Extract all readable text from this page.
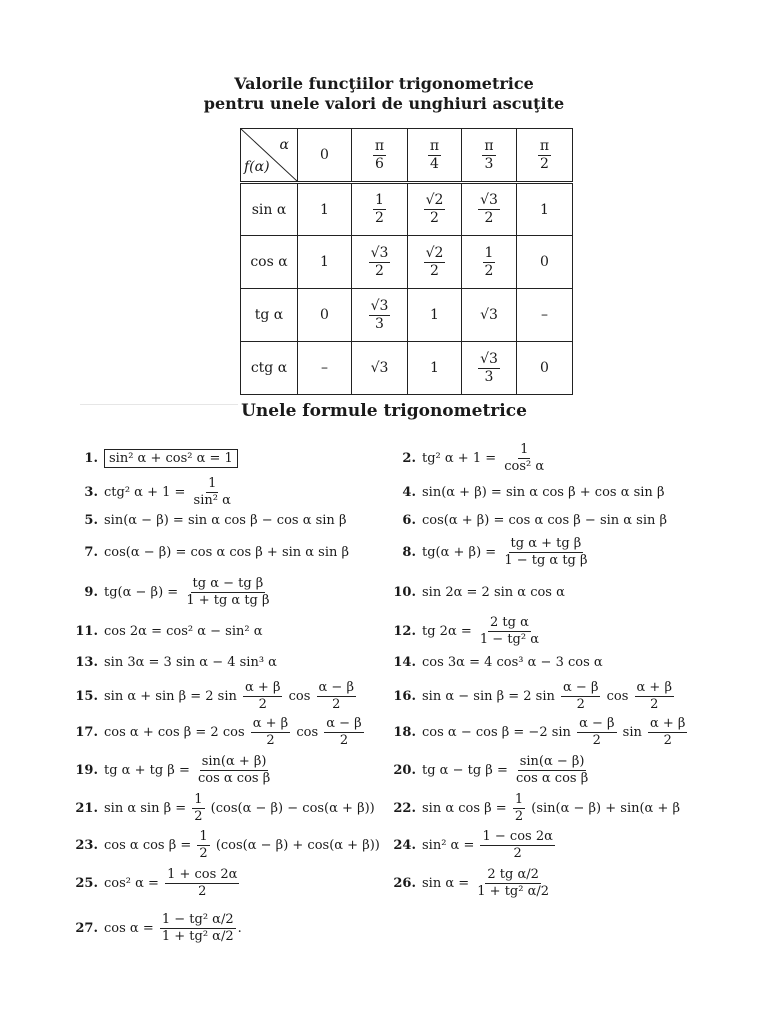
Valorile funcţiilor trigonometrice
pentru unele valori de unghiuri ascuţite
α
f(α)	0	$\frac{\pi}{6}$	$\frac{\pi}{4}$	$\frac{\pi}{3}$	$\frac{\pi}{2}$

sin α	1	$\frac{1}{2}$	$\frac{√2}{2}$	$\frac{√3}{2}$	1
cos α	1	$\frac{√3}{2}$	$\frac{√2}{2}$	$\frac{1}{2}$	0
tg α	0	$\frac{√3}{3}$	1	√3	–
ctg α	–	√3	1	$\frac{√3}{3}$	0
Unele formule trigonometrice
1. sin² α + cos² α = 1	2. tg² $\alpha + 1 = \frac{1}{\text{cos² α}}$
3. ctg² $\alpha + 1 = \frac{1}{\text{sin² α}}$	4. sin(α + β) = sin α cos β + cos α sin β
5. sin(α − β) = sin α cos β − cos α sin β	6. cos(α + β) = cos α cos β − sin α sin β
7. cos(α − β) = cos α cos β + sin α sin β	8. $tg(\alpha + \beta) = \frac{\text{tg α + tg β}}{\text{1 − tg α tg β}}$
9. $tg(\alpha - \beta) = \frac{\text{tg α − tg β}}{\text{1 + tg α tg β}}$	10. sin 2α = 2 sin α cos α
11. cos 2α = cos² α − sin² α	12. tg $2\alpha = \frac{\text{2 tg α}}{\text{1 − tg² α}}$
13. sin 3α = 3 sin α − 4 sin³ α	14. cos 3α = 4 cos³ α − 3 cos α
15. sin α + sin β = 2 $\sin \frac{\alpha + \beta}{2}$ $\cos \frac{\alpha - \beta}{2}$	16. sin α − sin β = 2 $\sin \frac{\alpha - \beta}{2}$ $\cos \frac{\alpha + \beta}{2}$
17. cos α + cos β = 2 $\cos \frac{\alpha + \beta}{2}$ $\cos \frac{\alpha - \beta}{2}$	18. cos α − cos β = −2 $\sin \frac{\alpha - \beta}{2}$ $\sin \frac{\alpha + \beta}{2}$
19. tg α + tg $\beta = \frac{\sin(\alpha + \beta)}{\text{cos α cos β}}$	20. tg α − tg $\beta = \frac{\sin(\alpha - \beta)}{\text{cos α cos β}}$
21. sin α $\sin \beta = \frac{1}{2} (\cos(\alpha - \beta) - \cos(\alpha + \beta))$	22. sin α $\cos \beta = \frac{1}{2} (\sin(\alpha - \beta) + \sin(\alpha + \beta$
23. cos α $\cos \beta = \frac{1}{2} (\cos(\alpha - \beta) + \cos(\alpha + \beta))$	24. sin² $\alpha = \frac{1 - \cos 2\alpha}{2}$
25. cos² $\alpha = \frac{1 + \cos 2\alpha}{2}$	26. $\sin \alpha = \frac{\text{2 tg α/2}}{\text{1 + tg² α/2}}$
27. $\cos \alpha = \frac{\text{1 − tg² α/2}}{\text{1 + tg² α/2}}$ .
